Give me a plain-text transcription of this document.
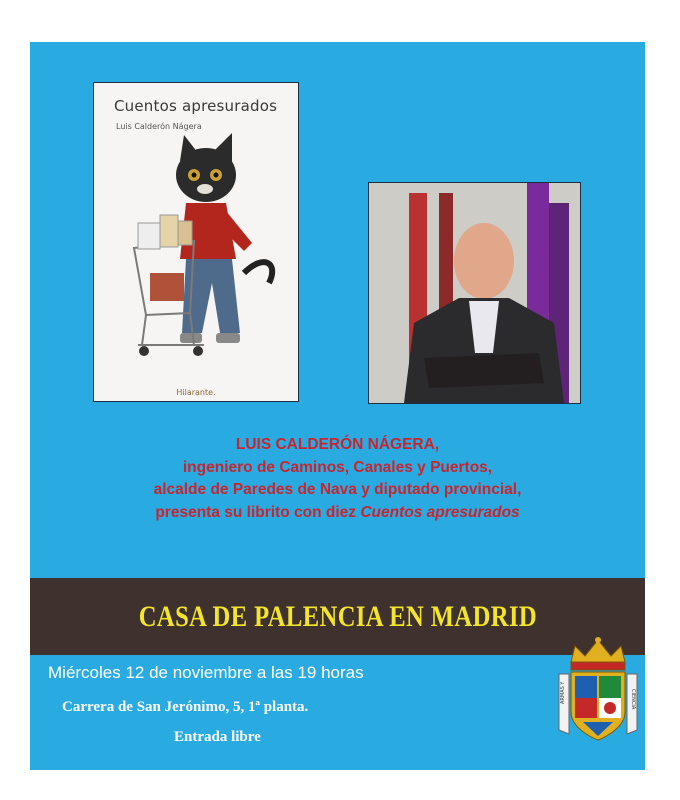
Cuentos apresurados
Luis Calderón Nágera
Hilarante.

LUIS CALDERÓN NÁGERA,

ingeniero de Caminos, Canales y Puertos,

alcalde de Paredes de Nava y diputado provincial,

presenta su librito con diez Cuentos apresurados

CASA DE PALENCIA EN MADRID
Miércoles 12 de noviembre a las 19 horas
Carrera de San Jerónimo, 5, 1ª planta.
Entrada libre
ARMAS Y	CIENCIA
